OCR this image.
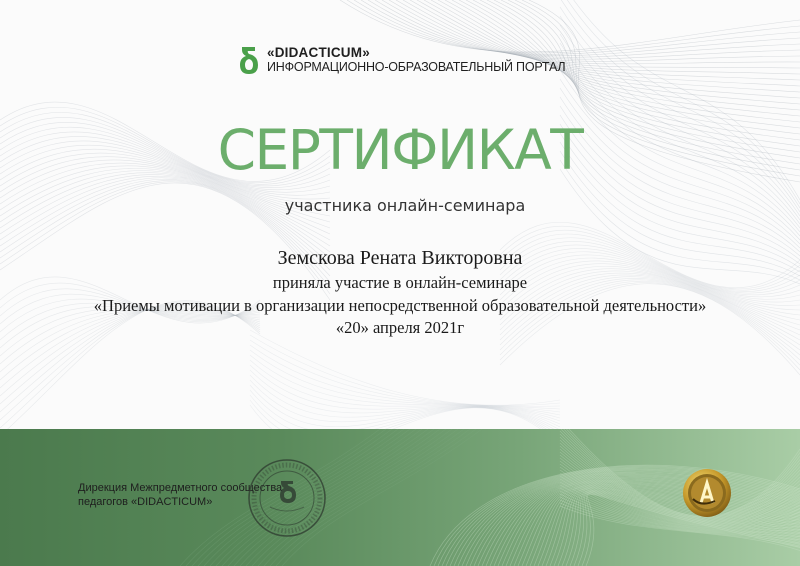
«DIDACTICUM»
ИНФОРМАЦИОННО-ОБРАЗОВАТЕЛЬНЫЙ ПОРТАЛ
СЕРТИФИКАТ
участника онлайн-семинара
Земскова Рената Викторовна
приняла участие в онлайн-семинаре
«Приемы мотивации в организации непосредственной образовательной деятельности»
«20» апреля 2021г
Дирекция Межпредметного сообщества
педагогов «DIDACTICUM»
